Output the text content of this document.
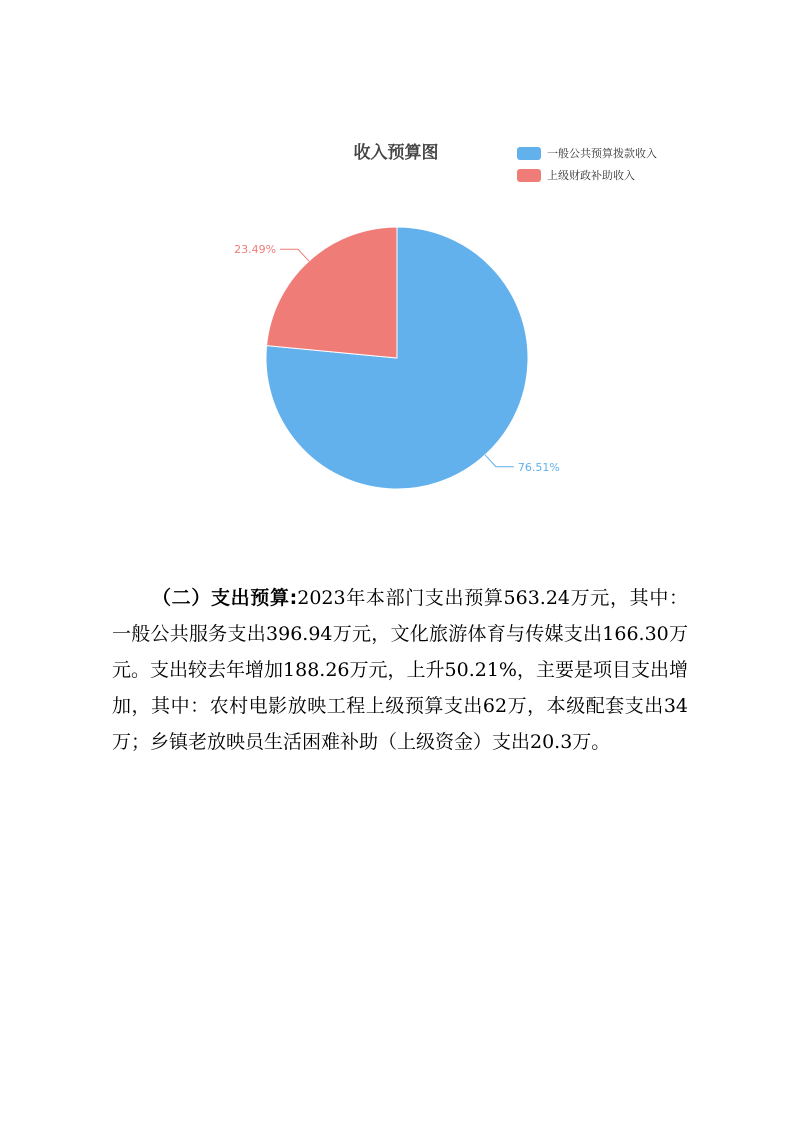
收入预算图	一般公共预算拨款收入
上级财政补助收入
76.51%
23.49%
（二）支出预算:2023年本部门支出预算563.24万元，其中：一般公共服务支出396.94万元，文化旅游体育与传媒支出166.30万元。支出较去年增加188.26万元，上升50.21%，主要是项目支出增加，其中：农村电影放映工程上级预算支出62万，本级配套支出34万；乡镇老放映员生活困难补助（上级资金）支出20.3万。
